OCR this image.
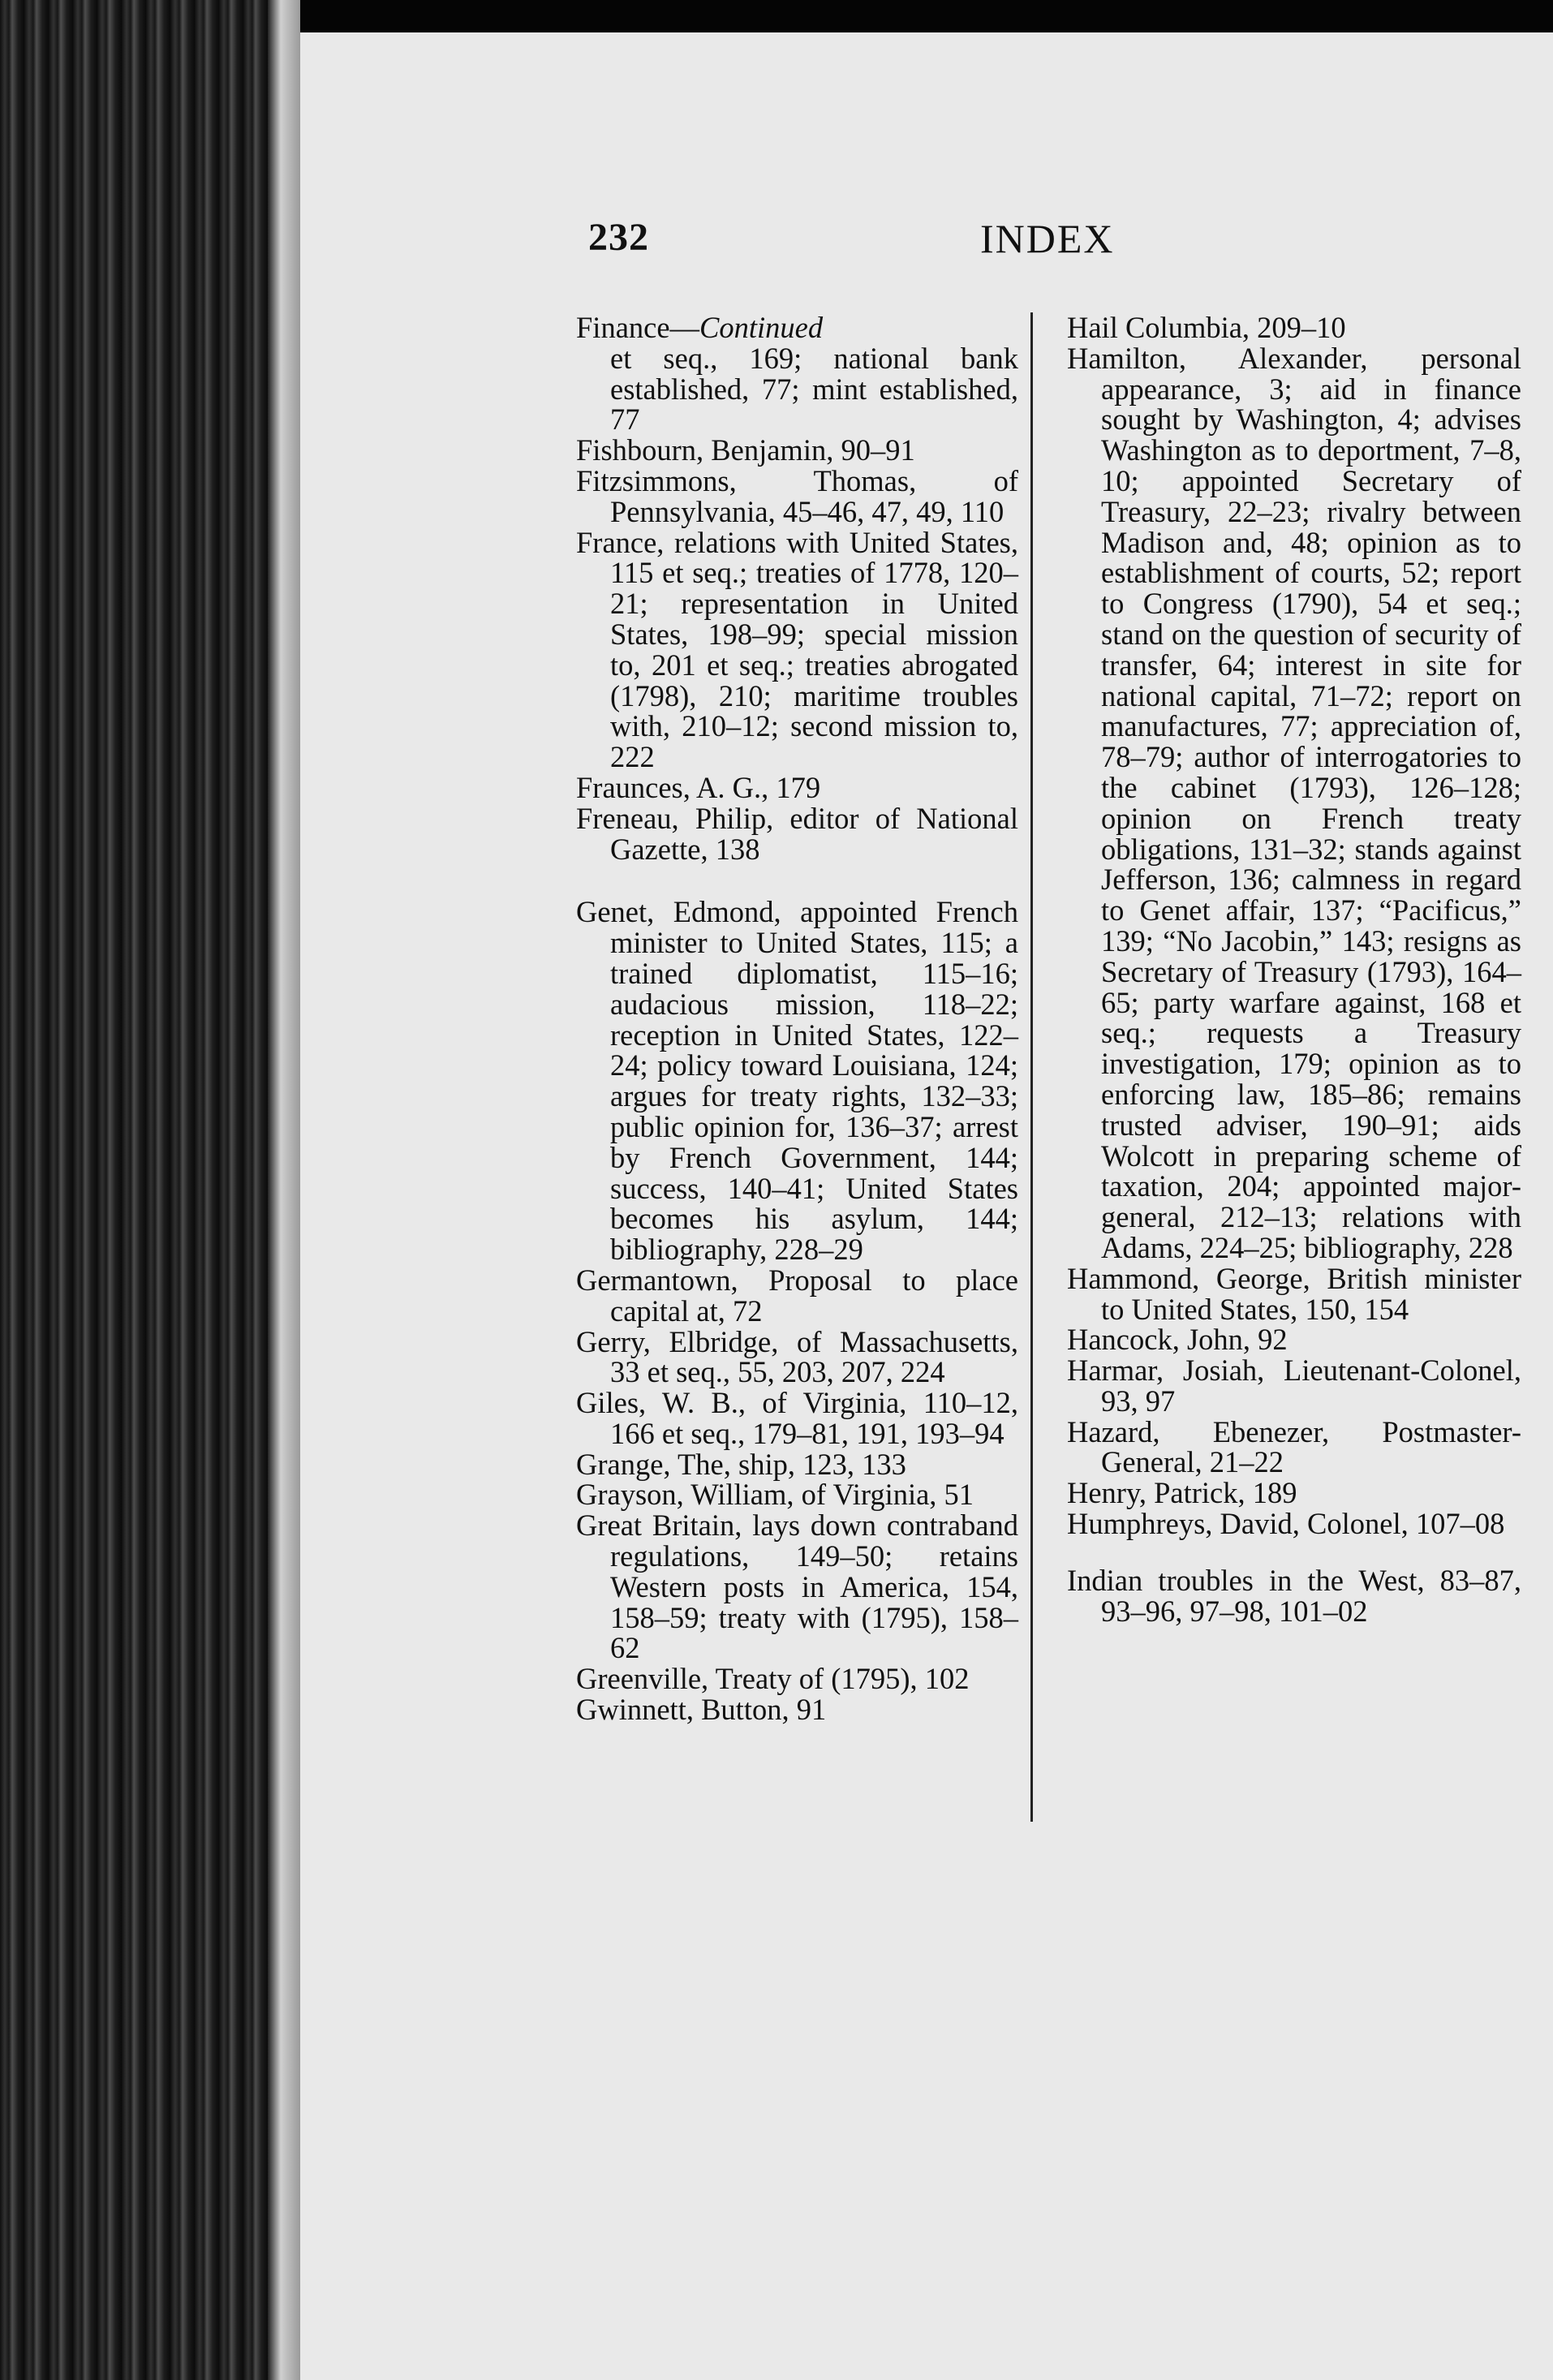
232	INDEX
Finance—Continued
et seq., 169; national bank established, 77; mint established, 77
Fishbourn, Benjamin, 90–91
Fitzsimmons, Thomas, of Pennsylvania, 45–46, 47, 49, 110
France, relations with United States, 115 et seq.; treaties of 1778, 120–21; representation in United States, 198–99; special mission to, 201 et seq.; treaties abrogated (1798), 210; maritime troubles with, 210–12; second mission to, 222
Fraunces, A. G., 179
Freneau, Philip, editor of National Gazette, 138
Genet, Edmond, appointed French minister to United States, 115; a trained diplomatist, 115–16; audacious mission, 118–22; reception in United States, 122–24; policy toward Louisiana, 124; argues for treaty rights, 132–33; public opinion for, 136–37; arrest by French Government, 144; success, 140–41; United States becomes his asylum, 144; bibliography, 228–29
Germantown, Proposal to place capital at, 72
Gerry, Elbridge, of Massachusetts, 33 et seq., 55, 203, 207, 224
Giles, W. B., of Virginia, 110–12, 166 et seq., 179–81, 191, 193–94
Grange, The, ship, 123, 133
Grayson, William, of Virginia, 51
Great Britain, lays down contraband regulations, 149–50; retains Western posts in America, 154, 158–59; treaty with (1795), 158–62
Greenville, Treaty of (1795), 102
Gwinnett, Button, 91
Hail Columbia, 209–10
Hamilton, Alexander, personal appearance, 3; aid in finance sought by Washington, 4; advises Washington as to deportment, 7–8, 10; appointed Secretary of Treasury, 22–23; rivalry between Madison and, 48; opinion as to establishment of courts, 52; report to Congress (1790), 54 et seq.; stand on the question of security of transfer, 64; interest in site for national capital, 71–72; report on manufactures, 77; appreciation of, 78–79; author of interrogatories to the cabinet (1793), 126–128; opinion on French treaty obligations, 131–32; stands against Jefferson, 136; calmness in regard to Genet affair, 137; “Pacificus,” 139; “No Jacobin,” 143; resigns as Secretary of Treasury (1793), 164–65; party warfare against, 168 et seq.; requests a Treasury investigation, 179; opinion as to enforcing law, 185–86; remains trusted adviser, 190–91; aids Wolcott in preparing scheme of taxation, 204; appointed major-general, 212–13; relations with Adams, 224–25; bibliography, 228
Hammond, George, British minister to United States, 150, 154
Hancock, John, 92
Harmar, Josiah, Lieutenant-Colonel, 93, 97
Hazard, Ebenezer, Postmaster-General, 21–22
Henry, Patrick, 189
Humphreys, David, Colonel, 107–08
Indian troubles in the West, 83–87, 93–96, 97–98, 101–02
